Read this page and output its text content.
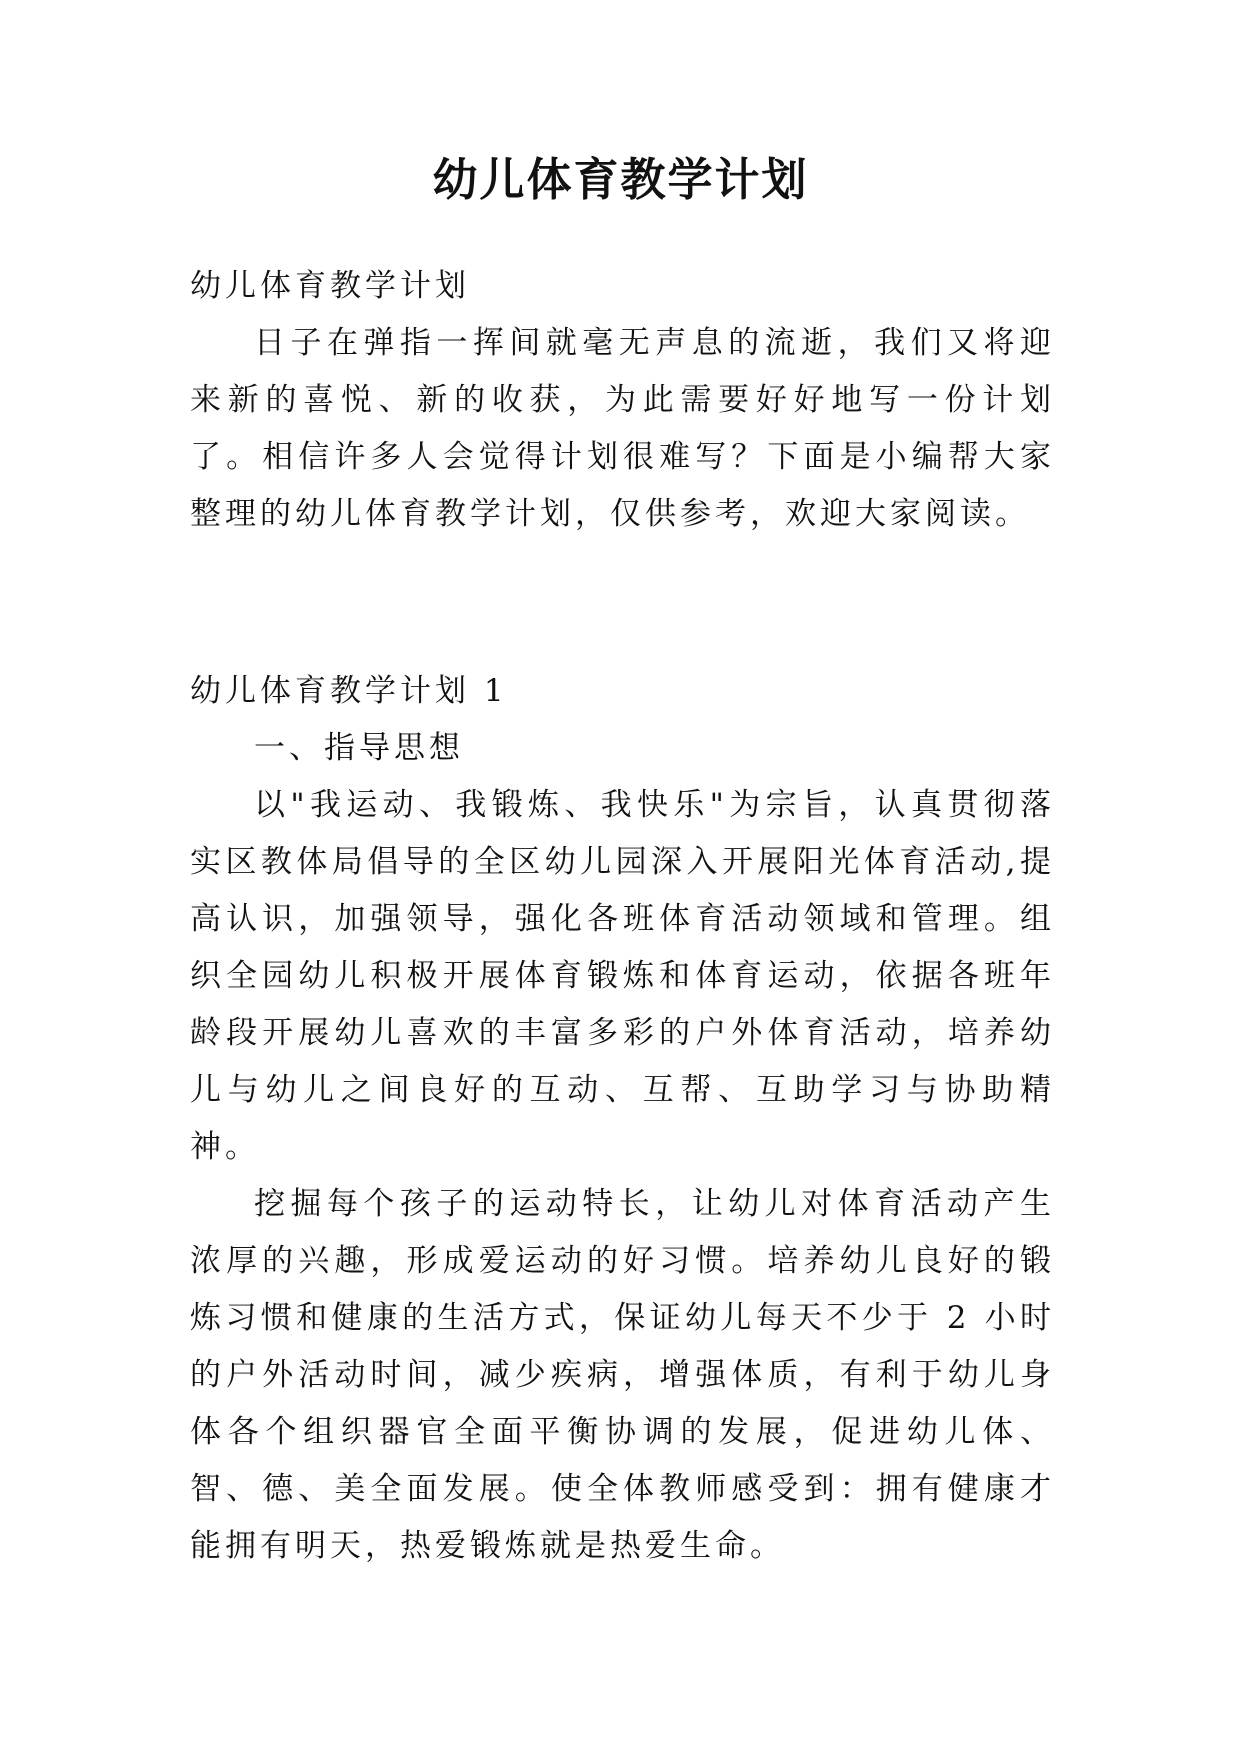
幼儿体育教学计划

幼儿体育教学计划

日子在弹指一挥间就毫无声息的流逝，我们又将迎来新的喜悦、新的收获，为此需要好好地写一份计划了。相信许多人会觉得计划很难写？下面是小编帮大家整理的幼儿体育教学计划，仅供参考，欢迎大家阅读。

幼儿体育教学计划 1

一、指导思想

以"我运动、我锻炼、我快乐"为宗旨，认真贯彻落实区教体局倡导的全区幼儿园深入开展阳光体育活动,提高认识，加强领导，强化各班体育活动领域和管理。组织全园幼儿积极开展体育锻炼和体育运动，依据各班年龄段开展幼儿喜欢的丰富多彩的户外体育活动，培养幼儿与幼儿之间良好的互动、互帮、互助学习与协助精神。

挖掘每个孩子的运动特长，让幼儿对体育活动产生浓厚的兴趣，形成爱运动的好习惯。培养幼儿良好的锻炼习惯和健康的生活方式，保证幼儿每天不少于 2 小时的户外活动时间，减少疾病，增强体质，有利于幼儿身体各个组织器官全面平衡协调的发展，促进幼儿体、智、德、美全面发展。使全体教师感受到：拥有健康才能拥有明天，热爱锻炼就是热爱生命。
